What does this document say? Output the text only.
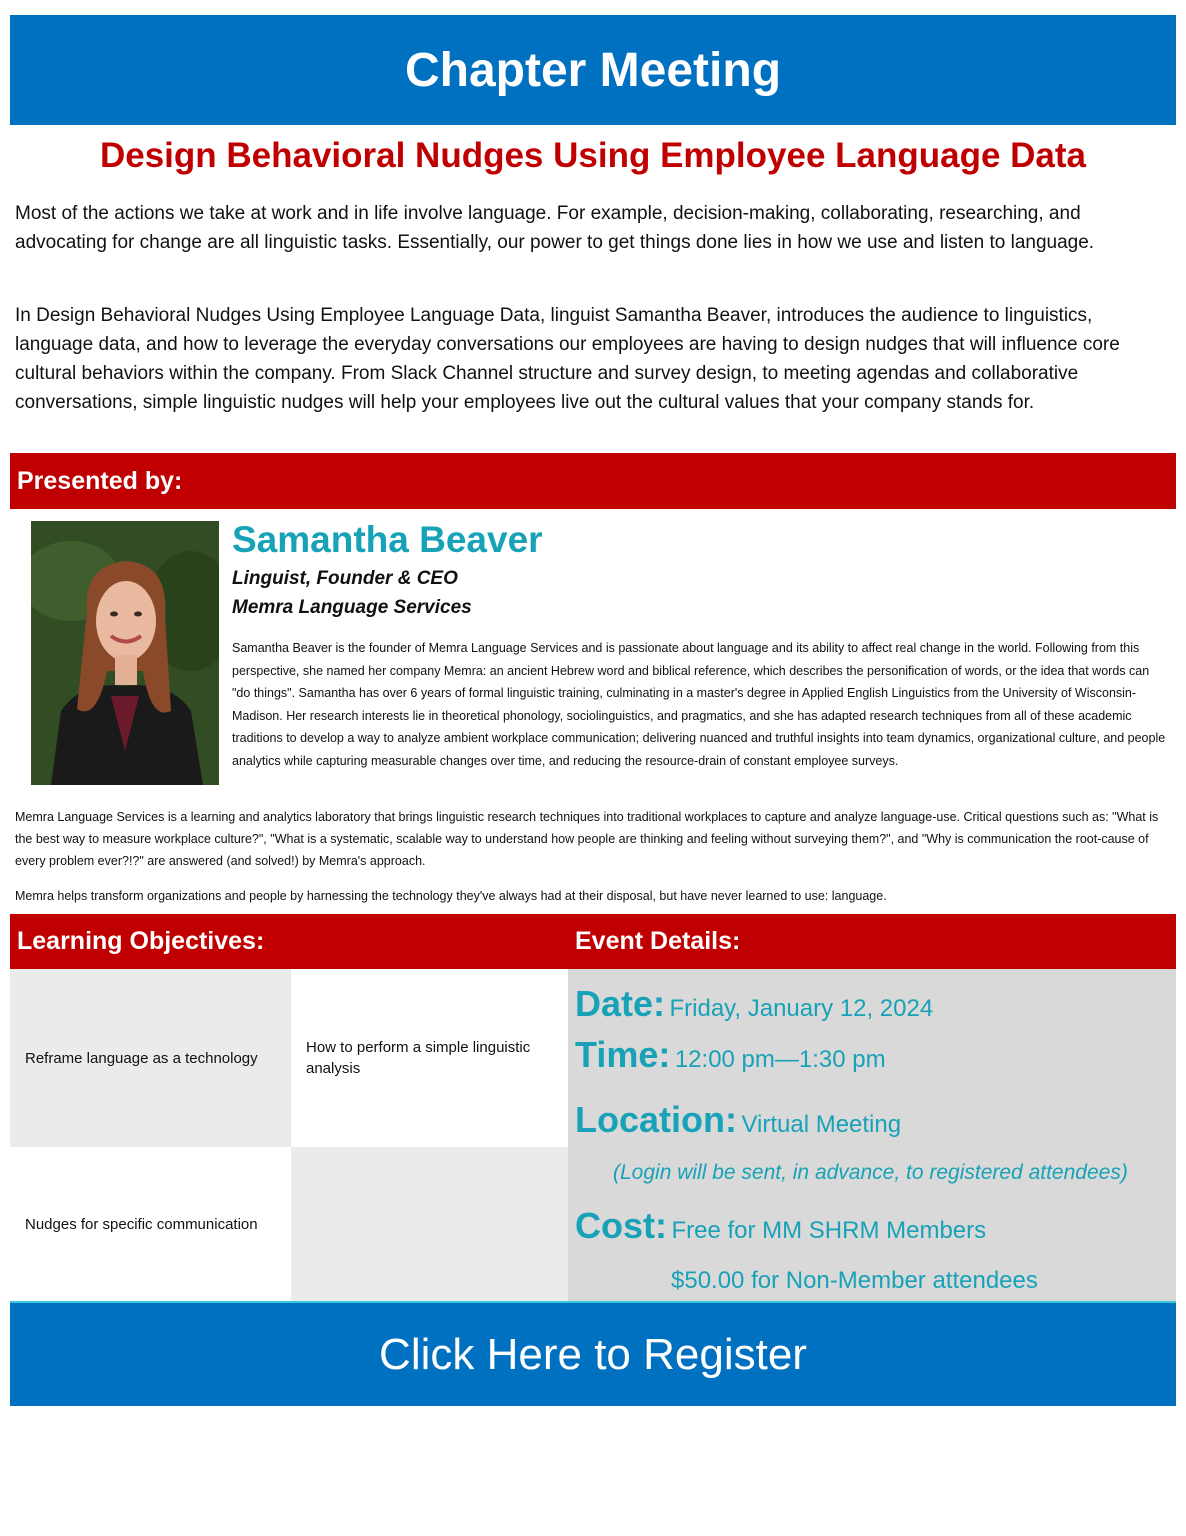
Chapter Meeting
Design Behavioral Nudges Using Employee Language Data

Most of the actions we take at work and in life involve language. For example, decision-making, collaborating, researching, and advocating for change are all linguistic tasks. Essentially, our power to get things done lies in how we use and listen to language.

In Design Behavioral Nudges Using Employee Language Data, linguist Samantha Beaver, introduces the audience to linguistics, language data, and how to leverage the everyday conversations our employees are having to design nudges that will influence core cultural behaviors within the company. From Slack Channel structure and survey design, to meeting agendas and collaborative conversations, simple linguistic nudges will help your employees live out the cultural values that your company stands for.

Presented by:
Samantha Beaver
Linguist, Founder & CEO
Memra Language Services

Samantha Beaver is the founder of Memra Language Services and is passionate about language and its ability to affect real change in the world. Following from this perspective, she named her company Memra: an ancient Hebrew word and biblical reference, which describes the personification of words, or the idea that words can "do things". Samantha has over 6 years of formal linguistic training, culminating in a master's degree in Applied English Linguistics from the University of Wisconsin-Madison. Her research interests lie in theoretical phonology, sociolinguistics, and pragmatics, and she has adapted research techniques from all of these academic traditions to develop a way to analyze ambient workplace communication; delivering nuanced and truthful insights into team dynamics, organizational culture, and people analytics while capturing measurable changes over time, and reducing the resource-drain of constant employee surveys.

Memra Language Services is a learning and analytics laboratory that brings linguistic research techniques into traditional workplaces to capture and analyze language-use. Critical questions such as: "What is the best way to measure workplace culture?", "What is a systematic, scalable way to understand how people are thinking and feeling without surveying them?", and "Why is communication the root-cause of every problem ever?!?" are answered (and solved!) by Memra's approach.

Memra helps transform organizations and people by harnessing the technology they've always had at their disposal, but have never learned to use: language.

Learning Objectives:	Event Details:
Reframe language as a technology
How to perform a simple linguistic analysis
Nudges for specific communication
Date: Friday, January 12, 2024
Time: 12:00 pm—1:30 pm
Location: Virtual Meeting
(Login will be sent, in advance, to registered attendees)
Cost: Free for MM SHRM Members
$50.00 for Non-Member attendees
Click Here to Register
